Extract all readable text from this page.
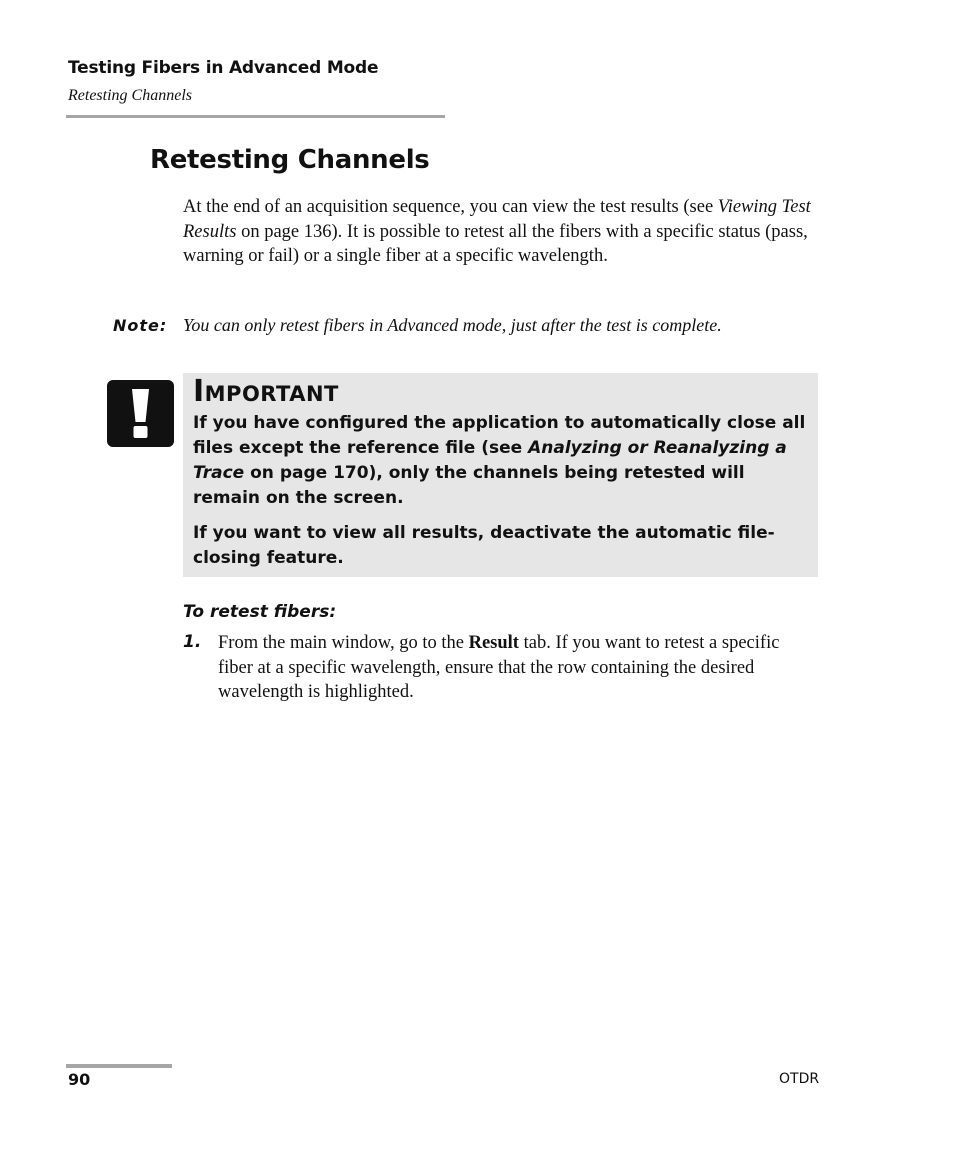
Testing Fibers in Advanced Mode
Retesting Channels
Retesting Channels

At the end of an acquisition sequence, you can view the test results (see Viewing Test Results on page 136). It is possible to retest all the fibers with a specific status (pass, warning or fail) or a single fiber at a specific wavelength.

Note: You can only retest fibers in Advanced mode, just after the test is complete.
Important

If you have configured the application to automatically close all files except the reference file (see Analyzing or Reanalyzing a Trace on page 170), only the channels being retested will remain on the screen.

If you want to view all results, deactivate the automatic file-closing feature.

To retest fibers:
1. From the main window, go to the Result tab. If you want to retest a specific fiber at a specific wavelength, ensure that the row containing the desired wavelength is highlighted.

90	OTDR
